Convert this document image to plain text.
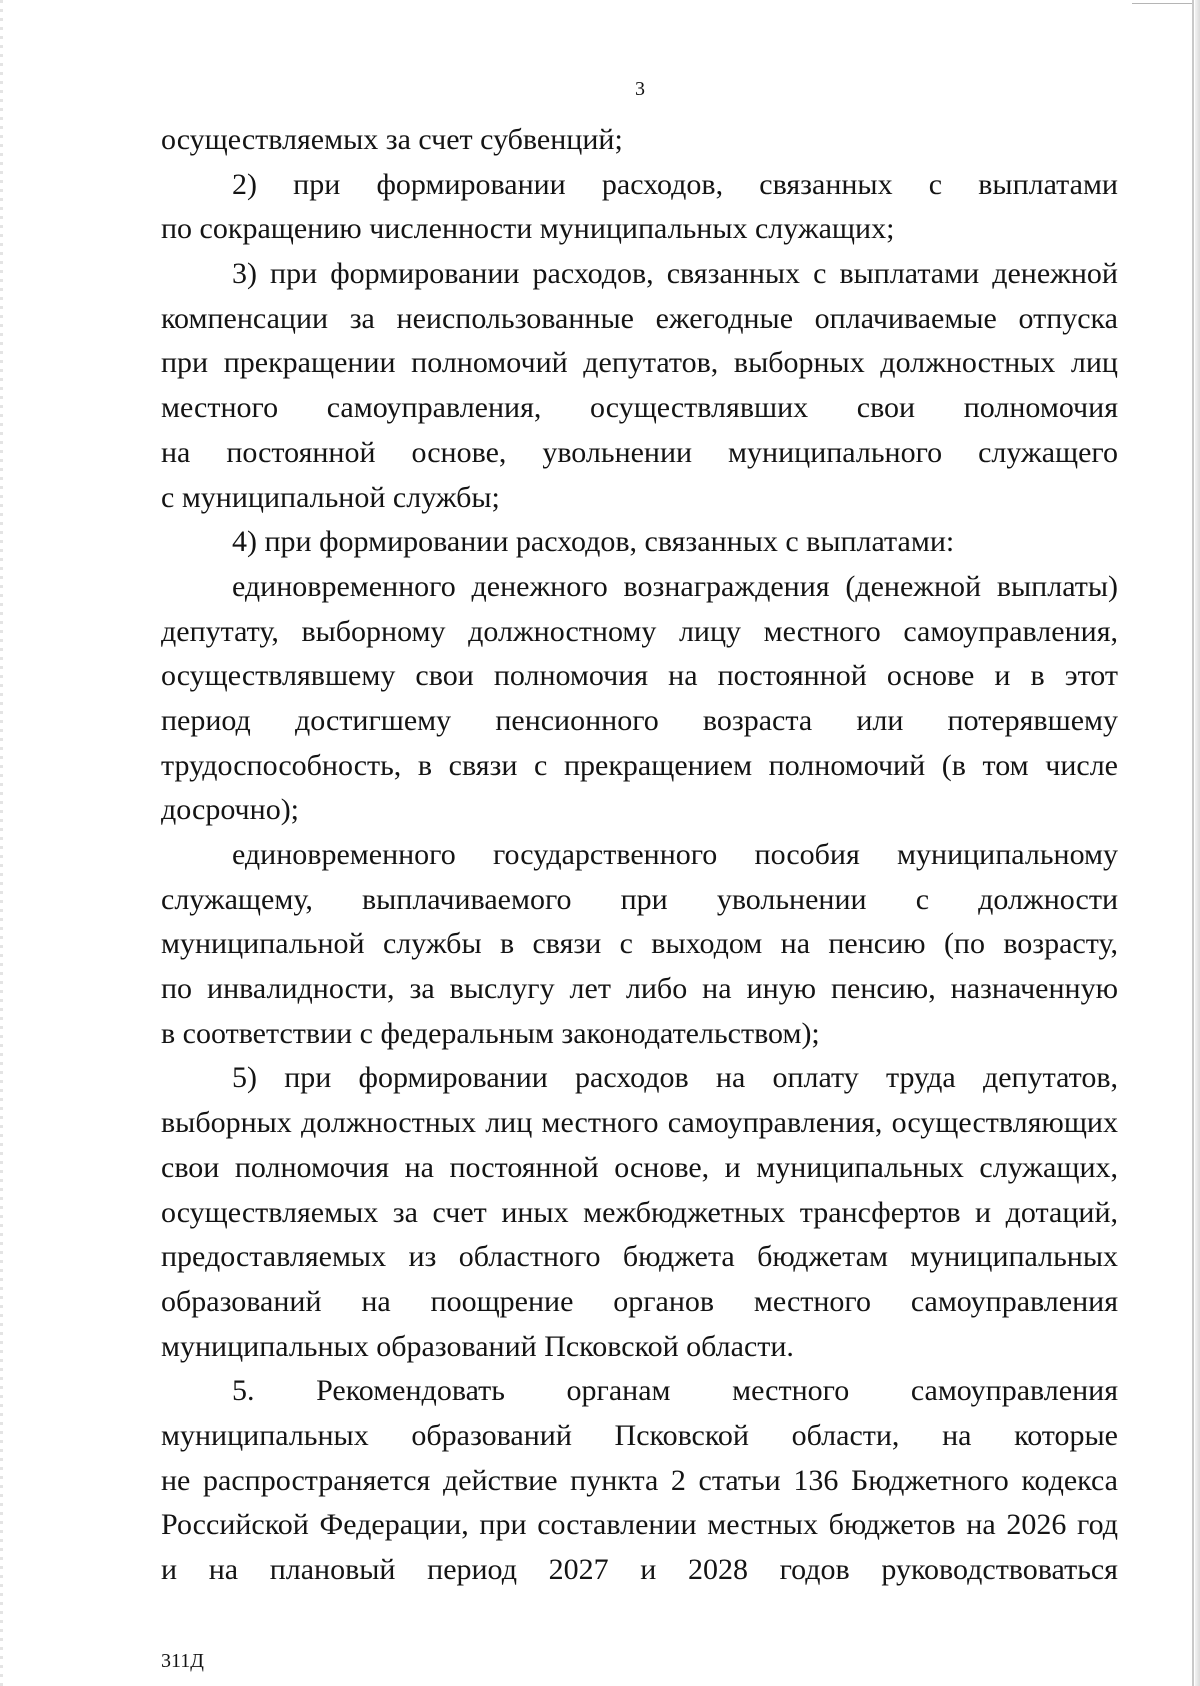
3
осуществляемых за счет субвенций;
2) при формировании расходов, связанных с выплатами
по сокращению численности муниципальных служащих;
3) при формировании расходов, связанных с выплатами денежной
компенсации за неиспользованные ежегодные оплачиваемые отпуска
при прекращении полномочий депутатов, выборных должностных лиц
местного самоуправления, осуществлявших свои полномочия
на постоянной основе, увольнении муниципального служащего
с муниципальной службы;
4) при формировании расходов, связанных с выплатами:
единовременного денежного вознаграждения (денежной выплаты)
депутату, выборному должностному лицу местного самоуправления,
осуществлявшему свои полномочия на постоянной основе и в этот
период достигшему пенсионного возраста или потерявшему
трудоспособность, в связи с прекращением полномочий (в том числе
досрочно);
единовременного государственного пособия муниципальному
служащему, выплачиваемого при увольнении с должности
муниципальной службы в связи с выходом на пенсию (по возрасту,
по инвалидности, за выслугу лет либо на иную пенсию, назначенную
в соответствии с федеральным законодательством);
5) при формировании расходов на оплату труда депутатов,
выборных должностных лиц местного самоуправления, осуществляющих
свои полномочия на постоянной основе, и муниципальных служащих,
осуществляемых за счет иных межбюджетных трансфертов и дотаций,
предоставляемых из областного бюджета бюджетам муниципальных
образований на поощрение органов местного самоуправления
муниципальных образований Псковской области.
5. Рекомендовать органам местного самоуправления
муниципальных образований Псковской области, на которые
не распространяется действие пункта 2 статьи 136 Бюджетного кодекса
Российской Федерации, при составлении местных бюджетов на 2026 год
и на плановый период 2027 и 2028 годов руководствоваться
311Д
